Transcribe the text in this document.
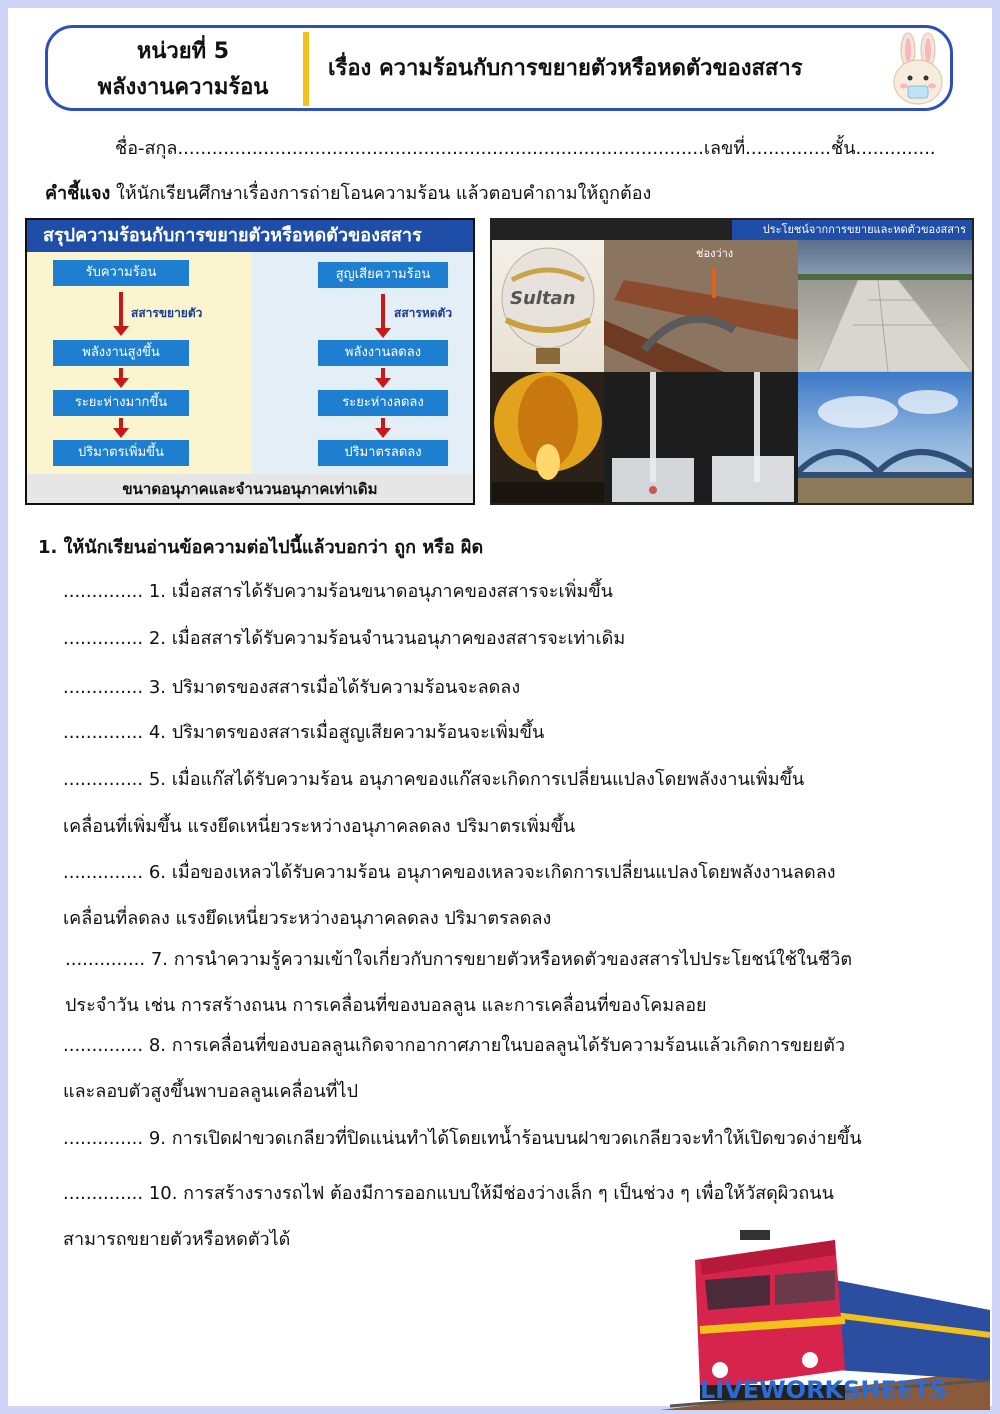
หน่วยที่ 5
พลังงานความร้อน
เรื่อง ความร้อนกับการขยายตัวหรือหดตัวของสสาร
ชื่อ-สกุล............................................................................................เลขที่...............ชั้น..............
คำชี้แจง ให้นักเรียนศึกษาเรื่องการถ่ายโอนความร้อน แล้วตอบคำถามให้ถูกต้อง
สรุปความร้อนกับการขยายตัวหรือหดตัวของสสาร
รับความร้อน
สสารขยายตัว
พลังงานสูงขึ้น
ระยะห่างมากขึ้น
ปริมาตรเพิ่มขึ้น
สูญเสียความร้อน
สสารหดตัว
พลังงานลดลง
ระยะห่างลดลง
ปริมาตรลดลง
ขนาดอนุภาคและจำนวนอนุภาคเท่าเดิม
Sultan
ช่องว่าง
ประโยชน์จากการขยายและหดตัวของสสาร
1. ให้นักเรียนอ่านข้อความต่อไปนี้แล้วบอกว่า ถูก หรือ ผิด
.............. 1. เมื่อสสารได้รับความร้อนขนาดอนุภาคของสสารจะเพิ่มขึ้น
.............. 2. เมื่อสสารได้รับความร้อนจำนวนอนุภาคของสสารจะเท่าเดิม
.............. 3. ปริมาตรของสสารเมื่อได้รับความร้อนจะลดลง
.............. 4. ปริมาตรของสสารเมื่อสูญเสียความร้อนจะเพิ่มขึ้น
.............. 5. เมื่อแก๊สได้รับความร้อน อนุภาคของแก๊สจะเกิดการเปลี่ยนแปลงโดยพลังงานเพิ่มขึ้น
เคลื่อนที่เพิ่มขึ้น แรงยึดเหนี่ยวระหว่างอนุภาคลดลง ปริมาตรเพิ่มขึ้น
.............. 6. เมื่อของเหลวได้รับความร้อน อนุภาคของเหลวจะเกิดการเปลี่ยนแปลงโดยพลังงานลดลง
เคลื่อนที่ลดลง แรงยึดเหนี่ยวระหว่างอนุภาคลดลง ปริมาตรลดลง
.............. 7. การนำความรู้ความเข้าใจเกี่ยวกับการขยายตัวหรือหดตัวของสสารไปประโยชน์ใช้ในชีวิต
ประจำวัน เช่น การสร้างถนน การเคลื่อนที่ของบอลลูน และการเคลื่อนที่ของโคมลอย
.............. 8. การเคลื่อนที่ของบอลลูนเกิดจากอากาศภายในบอลลูนได้รับความร้อนแล้วเกิดการขยยตัว
และลอบตัวสูงขึ้นพาบอลลูนเคลื่อนที่ไป
.............. 9. การเปิดฝาขวดเกลียวที่ปิดแน่นทำได้โดยเทน้ำร้อนบนฝาขวดเกลียวจะทำให้เปิดขวดง่ายขึ้น
.............. 10. การสร้างรางรถไฟ ต้องมีการออกแบบให้มีช่องว่างเล็ก ๆ เป็นช่วง ๆ เพื่อให้วัสดุผิวถนน
สามารถขยายตัวหรือหดตัวได้
LIVEWORKSHEETS
